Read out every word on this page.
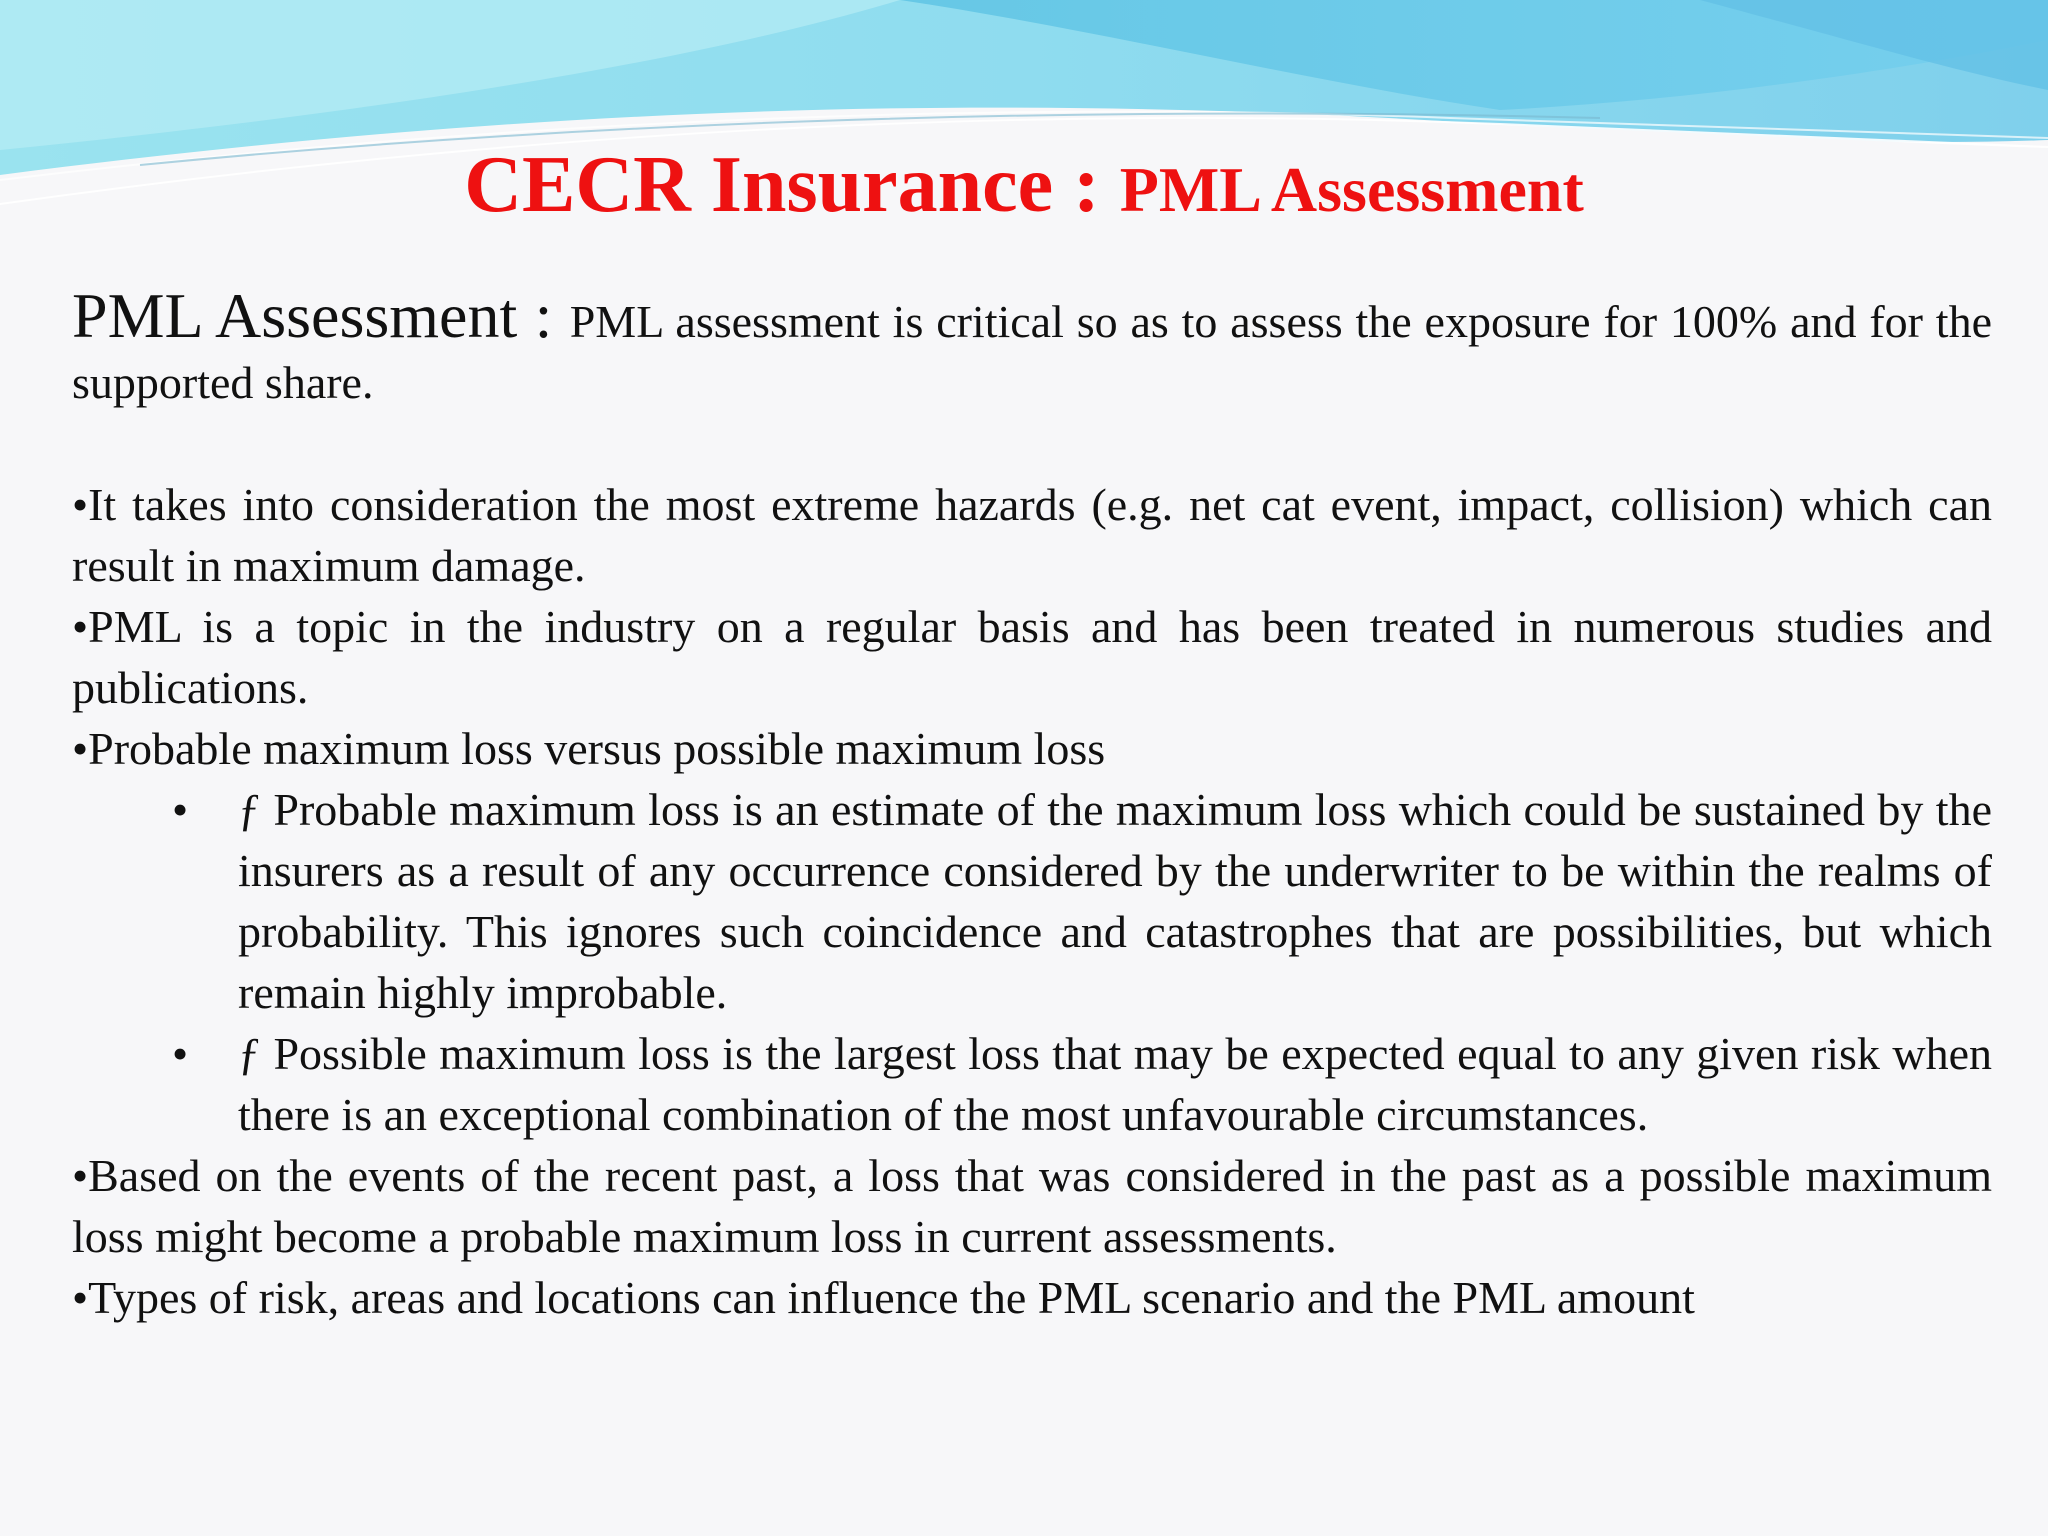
CECR Insurance : PML Assessment

PML Assessment : PML assessment is critical so as to assess the exposure for 100% and for the supported share.

•It takes into consideration the most extreme hazards (e.g. net cat event, impact, collision) which can result in maximum damage.

•PML is a topic in the industry on a regular basis and has been treated in numerous studies and publications.

•Probable maximum loss versus possible maximum loss

• ƒ Probable maximum loss is an estimate of the maximum loss which could be sustained by the insurers as a result of any occurrence considered by the underwriter to be within the realms of probability. This ignores such coincidence and catastrophes that are possibilities, but which remain highly improbable.
• ƒ Possible maximum loss is the largest loss that may be expected equal to any given risk when there is an exceptional combination of the most unfavourable circumstances.

•Based on the events of the recent past, a loss that was considered in the past as a possible maximum loss might become a probable maximum loss in current assessments.

•Types of risk, areas and locations can influence the PML scenario and the PML amount
